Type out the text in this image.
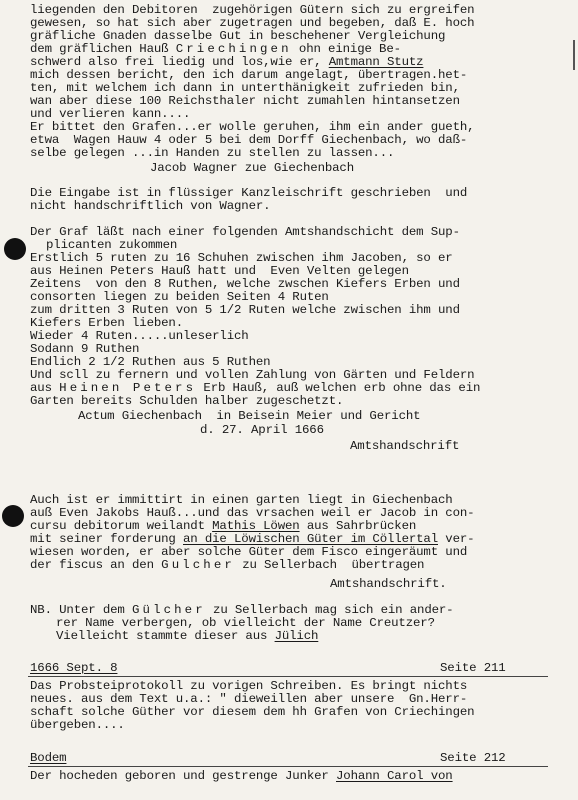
liegenden den Debitoren  zugehörigen Gütern sich zu ergreifen
gewesen, so hat sich aber zugetragen und begeben, daß E. hoch
gräfliche Gnaden dasselbe Gut in beschehener Vergleichung
dem gräflichen Hauß Criechingen ohn einige Be-
schwerd also frei liedig und los,wie er, Amtmann Stutz
mich dessen bericht, den ich darum angelagt, übertragen.het-
ten, mit welchem ich dann in unterthänigkeit zufrieden bin,
wan aber diese 100 Reichsthaler nicht zumahlen hintansetzen
und verlieren kann....
Er bittet den Grafen...er wolle geruhen, ihm ein ander gueth,
etwa  Wagen Hauw 4 oder 5 bei dem Dorff Giechenbach, wo daß-
selbe gelegen ...in Handen zu stellen zu lassen...
Jacob Wagner zue Giechenbach
Die Eingabe ist in flüssiger Kanzleischrift geschrieben  und
nicht handschriftlich von Wagner.
Der Graf läßt nach einer folgenden Amtshandschicht dem Sup-
plicanten zukommen
Erstlich 5 ruten zu 16 Schuhen zwischen ihm Jacoben, so er
aus Heinen Peters Hauß hatt und  Even Velten gelegen
Zeitens  von den 8 Ruthen, welche zwschen Kiefers Erben und
consorten liegen zu beiden Seiten 4 Ruten
zum dritten 3 Ruten von 5 1/2 Ruten welche zwischen ihm und
Kiefers Erben lieben.
Wieder 4 Ruten.....unleserlich
Sodann 9 Ruthen
Endlich 2 1/2 Ruthen aus 5 Ruthen
Und scll zu fernern und vollen Zahlung von Gärten und Feldern
aus Heinen Peters Erb Hauß, auß welchen erb ohne das ein
Garten bereits Schulden halber zugeschetzt.
Actum Giechenbach  in Beisein Meier und Gericht
d. 27. April 1666
Amtshandschrift
Auch ist er immittirt in einen garten liegt in Giechenbach
auß Even Jakobs Hauß...und das vrsachen weil er Jacob in con-
cursu debitorum weilandt Mathis Löwen aus Sahrbrücken
mit seiner forderung an die Löwischen Güter im Cöllertal ver-
wiesen worden, er aber solche Güter dem Fisco eingeräumt und
der fiscus an den Gulcher zu Sellerbach  übertragen
Amtshandschrift.
NB. Unter dem Gülcher zu Sellerbach mag sich ein ander-
rer Name verbergen, ob vielleicht der Name Creutzer?
Vielleicht stammte dieser aus Jülich
1666 Sept. 8	Seite 211
Das Probsteiprotokoll zu vorigen Schreiben. Es bringt nichts
neues. aus dem Text u.a.: " dieweillen aber unsere  Gn.Herr-
schaft solche Güther vor diesem dem hh Grafen von Criechingen
übergeben....
Bodem	Seite 212
Der hocheden geboren und gestrenge Junker Johann Carol von
